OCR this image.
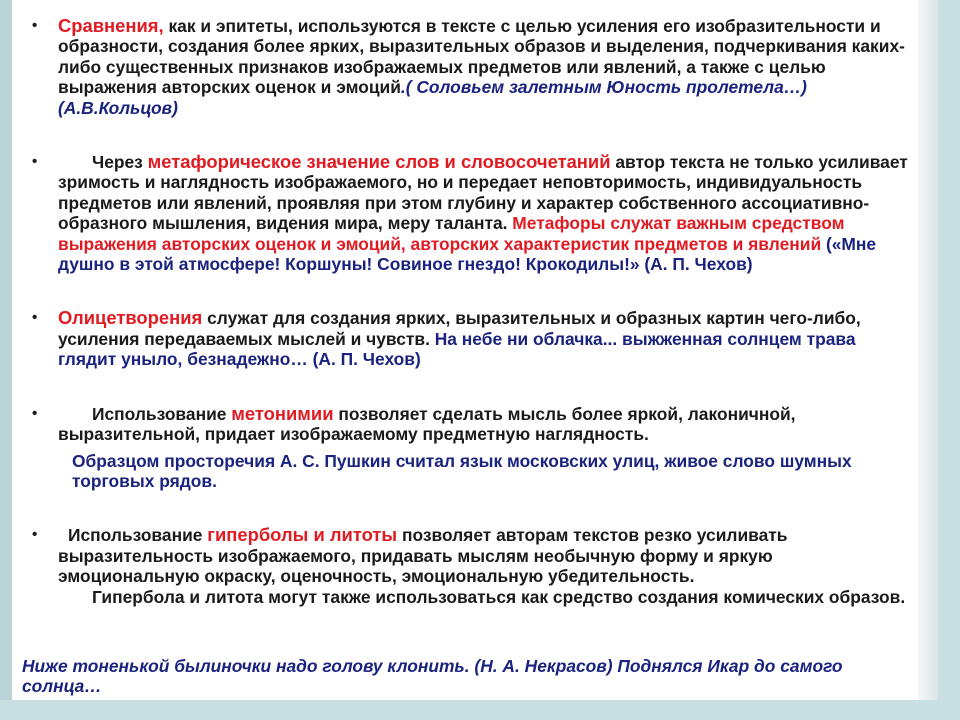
• Сравнения, как и эпитеты, используются в тексте с целью усиления его изобразительности и образности, создания более ярких, выразительных образов и выделения, подчеркивания каких-либо существенных признаков изображаемых предметов или явлений, а также с целью выражения авторских оценок и эмоций.( Соловьем залетным Юность пролетела…) (А.В.Кольцов)

•	Через метафорическое значение слов и словосочетаний автор текста не только усиливает зримость и наглядность изображаемого, но и передает неповторимость, индивидуальность предметов или явлений, проявляя при этом глубину и характер собственного ассоциативно-образного мышления, видения мира, меру таланта. Метафоры служат важным средством выражения авторских оценок и эмоций, авторских характеристик предметов и явлений («Мне душно в этой атмосфере! Коршуны! Совиное гнездо! Крокодилы!» (А. П. Чехов)

• Олицетворения служат для создания ярких, выразительных и образных картин чего-либо, усиления передаваемых мыслей и чувств. На небе ни облачка... выжженная солнцем трава глядит уныло, безнадежно… (А. П. Чехов)

•	Использование метонимии позволяет сделать мысль более яркой, лаконичной, выразительной, придает изображаемому предметную наглядность.

Образцом просторечия А. С. Пушкин считал язык московских улиц, живое слово шумных торговых рядов.

• Использование гиперболы и литоты позволяет авторам текстов резко усиливать выразительность изображаемого, придавать мыслям необычную форму и яркую эмоциональную окраску, оценочность, эмоциональную убедительность.

Гипербола и литота могут также использоваться как средство создания комических образов.

Ниже тоненькой былиночки надо голову клонить. (Н. А. Некрасов) Поднялся Икар до самого солнца…
